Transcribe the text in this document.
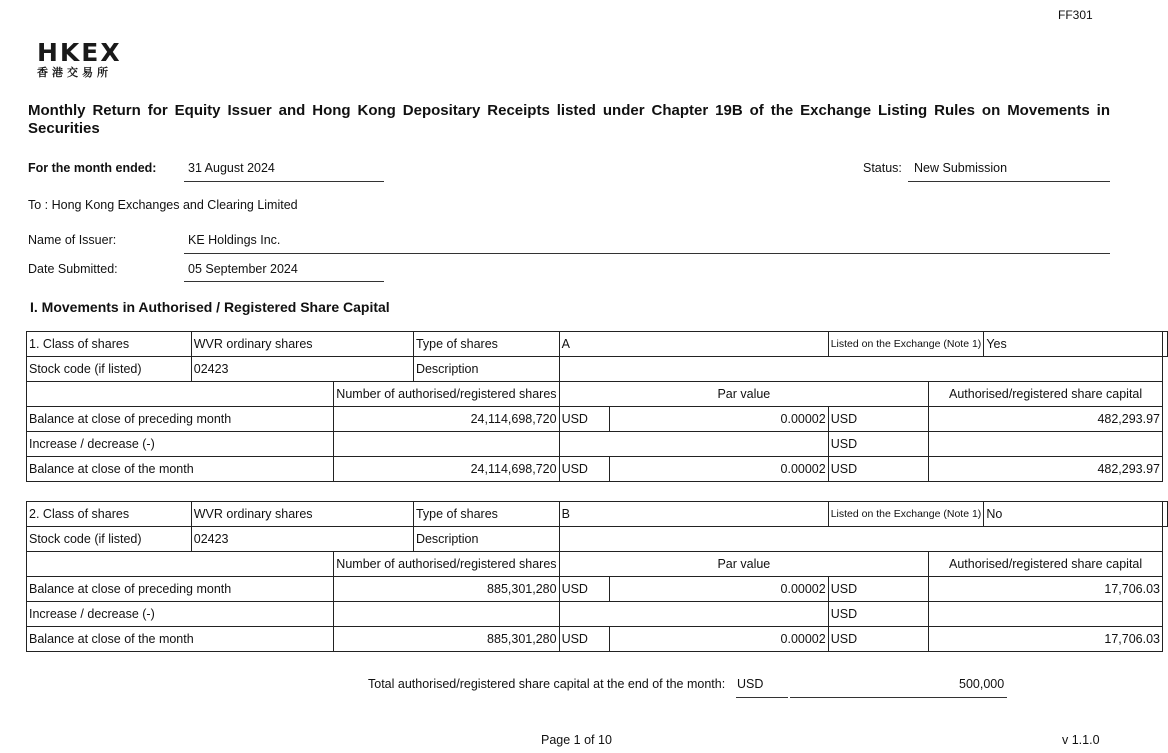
FF301
HKEX
香港交易所
Monthly Return for Equity Issuer and Hong Kong Depositary Receipts listed under Chapter 19B of the Exchange Listing Rules on Movements in Securities
For the month ended:	31 August 2024	Status: New Submission
To : Hong Kong Exchanges and Clearing Limited
Name of Issuer:	KE Holdings Inc.
Date Submitted:	05 September 2024
I. Movements in Authorised / Registered Share Capital
1. Class of shares	WVR ordinary shares		Type of shares	A		Listed on the Exchange (Note 1)		Yes	
Stock code (if listed)	02423		Description						
		Number of authorised/registered shares		Par value			Authorised/registered share capital		
Balance at close of preceding month		24,114,698,720		USD	0.00002	USD	482,293.97		
Increase / decrease (-)						USD			
Balance at close of the month		24,114,698,720		USD	0.00002	USD	482,293.97		
2. Class of shares	WVR ordinary shares		Type of shares	B		Listed on the Exchange (Note 1)		No	
Stock code (if listed)	02423		Description						
		Number of authorised/registered shares		Par value			Authorised/registered share capital		
Balance at close of preceding month		885,301,280		USD	0.00002	USD	17,706.03		
Increase / decrease (-)						USD			
Balance at close of the month		885,301,280		USD	0.00002	USD	17,706.03		
Total authorised/registered share capital at the end of the month: USD	500,000
Page 1 of 10	v 1.1.0
